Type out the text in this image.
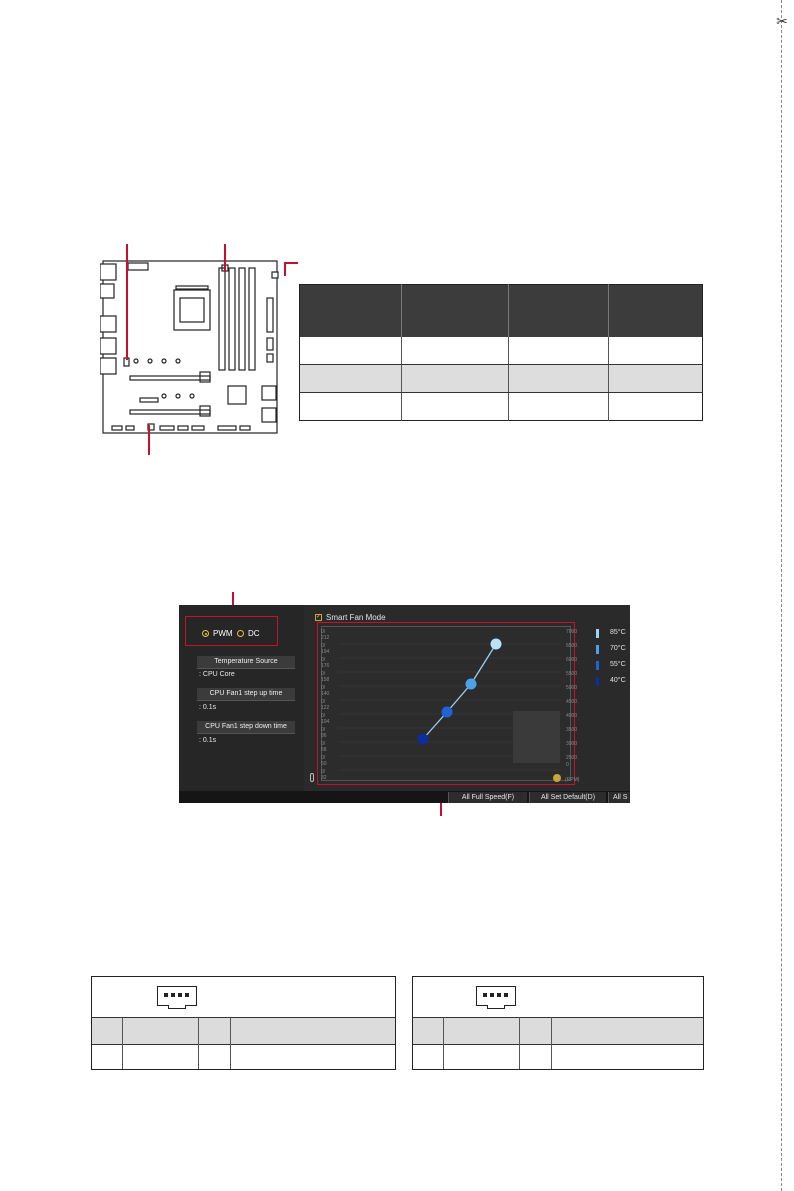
✂

PWM DC
Temperature Source
: CPU Core
CPU Fan1 step up time
: 0.1s
CPU Fan1 step down time
: 0.1s
✓ Smart Fan Mode
0/ 212
0/ 194
0/ 176
0/ 158
0/ 140
0/ 122
0/ 104
0/ 86
0/ 68
0/ 50
0/ 32
7000
6500
6000
5500
5000
4500
4000
3500
3000
2500
0
(RPM)
85°C
70°C
55°C
40°C
All Full Speed(F)	All Set Default(D)	All S
